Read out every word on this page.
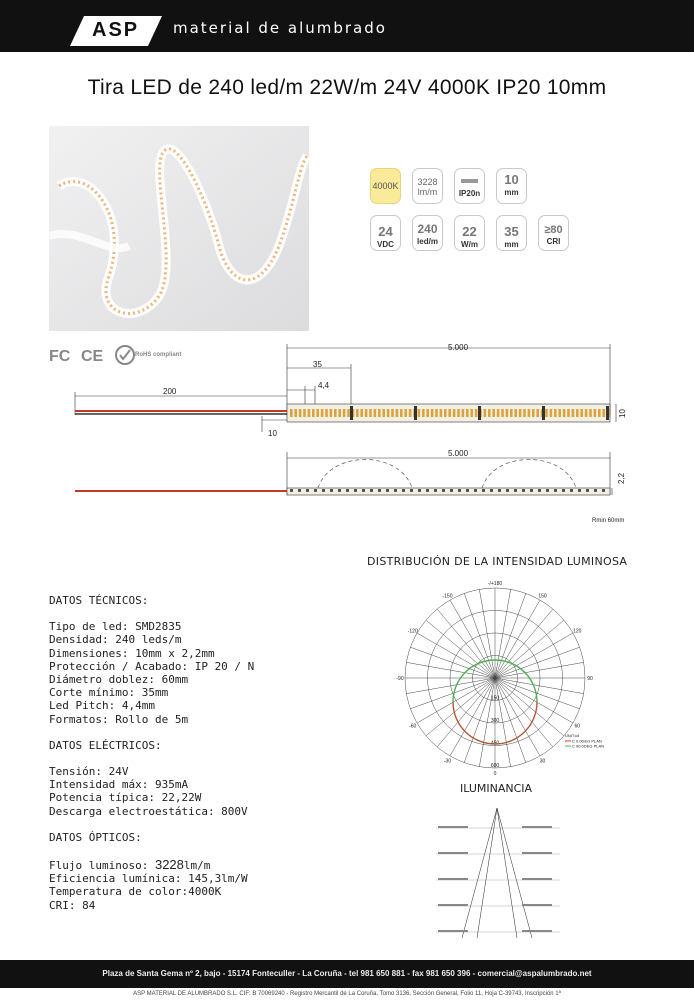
ASP material de alumbrado
Tira LED de 240 led/m 22W/m 24V 4000K IP20 10mm
4000K	3228
lm/m	IP20n
10
mm
24
VDC
240
led/m
22
W/m
35
mm
≥80
CRI
FC CE	RoHS compliant
5.000
35
4,4
200
10
10
5.000
2,2
Rmin 60mm
DISTRIBUCIÓN DE LA INTENSIDAD LUMINOSA
-/+180
-150	150
-120	120
-90	90
-60	60
-30	30
0
150
300
450
600
UNIT:cd
C 0.0DEG PLAN
C 90.0DEG PLAN
ILUMINANCIA
DATOS TÉCNICOS:
Tipo de led: SMD2835
Densidad: 240 leds/m
Dimensiones: 10mm x 2,2mm
Protección / Acabado: IP 20 / N
Diámetro doblez: 60mm
Corte mínimo: 35mm
Led Pitch: 4,4mm
Formatos: Rollo de 5m
DATOS ELÉCTRICOS:
Tensión: 24V
Intensidad máx: 935mA
Potencia típica: 22,22W
Descarga electroestática: 800V
DATOS ÓPTICOS:
Flujo luminoso: 3228lm/m
Eficiencia lumínica: 145,3lm/W
Temperatura de color:4000K
CRI: 84
Plaza de Santa Gema nº 2, bajo - 15174 Fonteculler - La Coruña - tel 981 650 881 - fax 981 650 396 - comercial@aspalumbrado.net
ASP MATERIAL DE ALUMBRADO S.L. CIF: B 70069240 - Registro Mercantil de La Coruña, Tomo 3136, Sección General, Folio 11, Hoja C-39743, Inscripción 1ª
